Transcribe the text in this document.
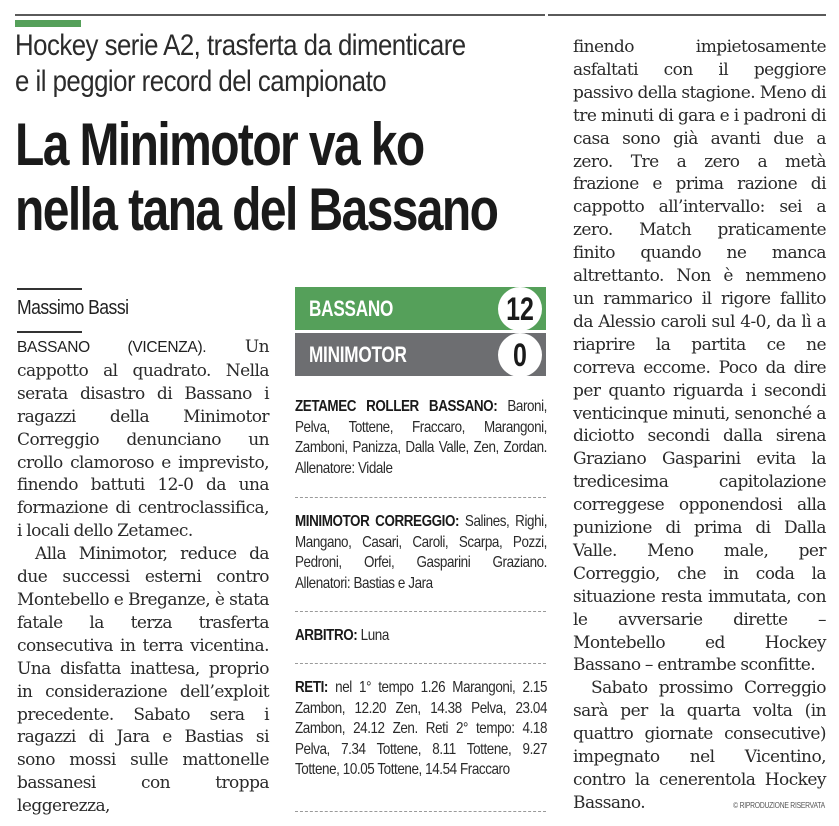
Hockey serie A2, trasferta da dimenticare
e il peggior record del campionato
La Minimotor va ko
nella tana del Bassano
Massimo Bassi

BASSANO (VICENZA). Un cappotto al quadrato. Nella serata disastro di Bassano i ragazzi della Minimotor Correggio denunciano un crollo clamoroso e imprevisto, finendo battuti 12-0 da una formazione di centroclassifica, i locali dello Zetamec.

Alla Minimotor, reduce da due successi esterni contro Montebello e Breganze, è stata fatale la terza trasferta consecutiva in terra vicentina. Una disfatta inattesa, proprio in considerazione dell’exploit precedente. Sabato sera i ragazzi di Jara e Bastias si sono mossi sulle mattonelle bassanesi con troppa leggerezza,

BASSANO	12
MINIMOTOR	0
ZETAMEC ROLLER BASSANO: Baroni, Pelva, Tottene, Fraccaro, Marangoni, Zamboni, Panizza, Dalla Valle, Zen, Zordan. Allenatore: Vidale
MINIMOTOR CORREGGIO: Salines, Righi, Mangano, Casari, Caroli, Scarpa, Pozzi, Pedroni, Orfei, Gasparini Graziano. Allenatori: Bastias e Jara
ARBITRO: Luna
RETI: nel 1° tempo 1.26 Marangoni, 2.15 Zambon, 12.20 Zen, 14.38 Pelva, 23.04 Zambon, 24.12 Zen. Reti 2° tempo: 4.18 Pelva, 7.34 Tottene, 8.11 Tottene, 9.27 Tottene, 10.05 Tottene, 14.54 Fraccaro

finendo impietosamente asfaltati con il peggiore passivo della stagione. Meno di tre minuti di gara e i padroni di casa sono già avanti due a zero. Tre a zero a metà frazione e prima razione di cappotto all’intervallo: sei a zero. Match praticamente finito quando ne manca altrettanto. Non è nemmeno un rammarico il rigore fallito da Alessio caroli sul 4-0, da lì a riaprire la partita ce ne correva eccome. Poco da dire per quanto riguarda i secondi venticinque minuti, senonché a diciotto secondi dalla sirena Graziano Gasparini evita la tredicesima capitolazione correggese opponendosi alla punizione di prima di Dalla Valle. Meno male, per Correggio, che in coda la situazione resta immutata, con le avversarie dirette – Montebello ed Hockey Bassano – entrambe sconfitte.

Sabato prossimo Correggio sarà per la quarta volta (in quattro giornate consecutive) impegnato nel Vicentino, contro la cenerentola Hockey Bassano.	© RIPRODUZIONE RISERVATA
